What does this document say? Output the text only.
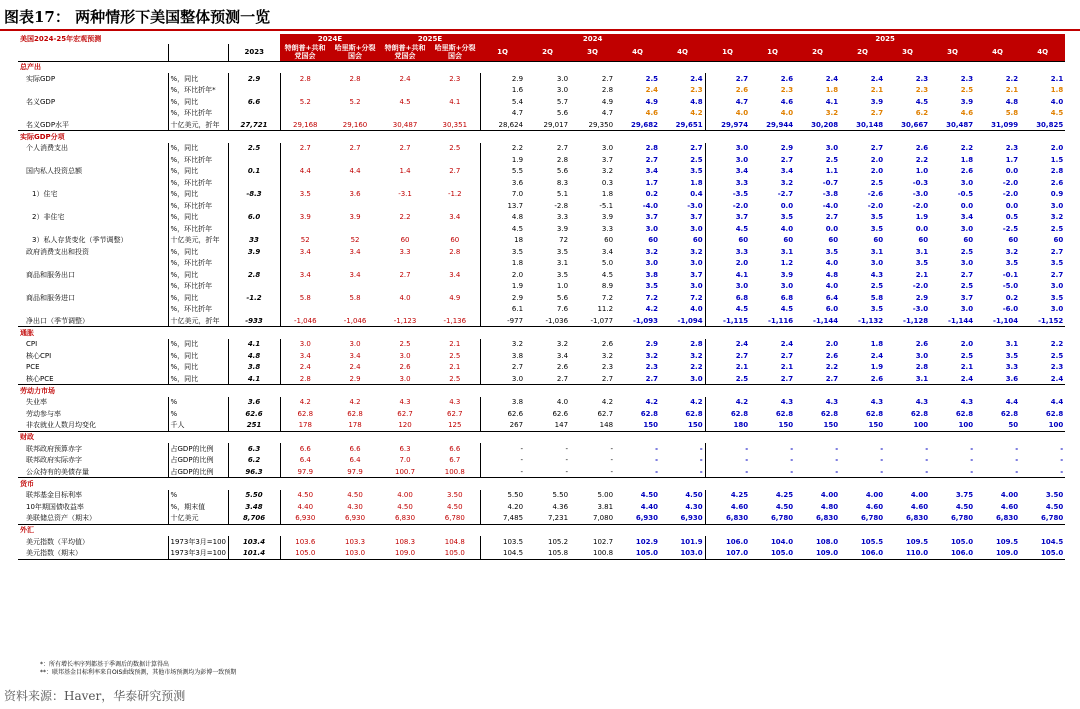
图表17： 两种情形下美国整体预测一览
美国2024-25年宏观预测			2024E		2025E		2024					2025							
		2023	特朗普+共和党国会	哈里斯+分裂国会	特朗普+共和党国会	哈里斯+分裂国会	1Q	2Q	3Q	4Q	4Q	1Q	1Q	2Q	2Q	3Q	3Q	4Q	4Q
总产出																			
实际GDP	%，同比	2.9	2.8	2.8	2.4	2.3	2.9	3.0	2.7	2.5	2.4	2.7	2.6	2.4	2.4	2.3	2.3	2.2	2.1
	%，环比折年*						1.6	3.0	2.8	2.4	2.3	2.6	2.3	1.8	2.1	2.3	2.5	2.1	1.8
名义GDP	%，同比	6.6	5.2	5.2	4.5	4.1	5.4	5.7	4.9	4.9	4.8	4.7	4.6	4.1	3.9	4.5	3.9	4.8	4.0
	%，环比折年						4.7	5.6	4.7	4.6	4.2	4.0	4.0	3.2	2.7	6.2	4.6	5.8	4.5
名义GDP水平	十亿美元，折年	27,721	29,168	29,160	30,487	30,351	28,624	29,017	29,350	29,682	29,651	29,974	29,944	30,208	30,148	30,667	30,487	31,099	30,825
实际GDP分项																			
个人消费支出	%，同比	2.5	2.7	2.7	2.7	2.5	2.2	2.7	3.0	2.8	2.7	3.0	2.9	3.0	2.7	2.6	2.2	2.3	2.0
	%，环比折年						1.9	2.8	3.7	2.7	2.5	3.0	2.7	2.5	2.0	2.2	1.8	1.7	1.5
国内私人投资总额	%，同比	0.1	4.4	4.4	1.4	2.7	5.5	5.6	3.2	3.4	3.5	3.4	3.4	1.1	2.0	1.0	2.6	0.0	2.8
	%，环比折年						3.6	8.3	0.3	1.7	1.8	3.3	3.2	-0.7	2.5	-0.3	3.0	-2.0	2.6
1）住宅	%，同比	-8.3	3.5	3.6	-3.1	-1.2	7.0	5.1	1.8	0.2	0.4	-3.5	-2.7	-3.8	-2.6	-3.0	-0.5	-2.0	0.9
	%，环比折年						13.7	-2.8	-5.1	-4.0	-3.0	-2.0	0.0	-4.0	-2.0	-2.0	0.0	0.0	3.0
2）非住宅	%，同比	6.0	3.9	3.9	2.2	3.4	4.8	3.3	3.9	3.7	3.7	3.7	3.5	2.7	3.5	1.9	3.4	0.5	3.2
	%，环比折年						4.5	3.9	3.3	3.0	3.0	4.5	4.0	0.0	3.5	0.0	3.0	-2.5	2.5
3）私人存货变化（季节调整）	十亿美元，折年	33	52	52	60	60	18	72	60	60	60	60	60	60	60	60	60	60	60
政府消费支出和投资	%，同比	3.9	3.4	3.4	3.3	2.8	3.5	3.5	3.4	3.2	3.2	3.3	3.1	3.5	3.1	3.1	2.5	3.2	2.7
	%，环比折年						1.8	3.1	5.0	3.0	3.0	2.0	1.2	4.0	3.0	3.5	3.0	3.5	3.5
商品和服务出口	%，同比	2.8	3.4	3.4	2.7	3.4	2.0	3.5	4.5	3.8	3.7	4.1	3.9	4.8	4.3	2.1	2.7	-0.1	2.7
	%，环比折年						1.9	1.0	8.9	3.5	3.0	3.0	3.0	4.0	2.5	-2.0	2.5	-5.0	3.0
商品和服务进口	%，同比	-1.2	5.8	5.8	4.0	4.9	2.9	5.6	7.2	7.2	7.2	6.8	6.8	6.4	5.8	2.9	3.7	0.2	3.5
	%，环比折年						6.1	7.6	11.2	4.2	4.0	4.5	4.5	6.0	3.5	-3.0	3.0	-6.0	3.0
净出口（季节调整）	十亿美元，折年	-933	-1,046	-1,046	-1,123	-1,136	-977	-1,036	-1,077	-1,093	-1,094	-1,115	-1,116	-1,144	-1,132	-1,128	-1,144	-1,104	-1,152
通胀																			
CPI	%，同比	4.1	3.0	3.0	2.5	2.1	3.2	3.2	2.6	2.9	2.8	2.4	2.4	2.0	1.8	2.6	2.0	3.1	2.2
核心CPI	%，同比	4.8	3.4	3.4	3.0	2.5	3.8	3.4	3.2	3.2	3.2	2.7	2.7	2.6	2.4	3.0	2.5	3.5	2.5
PCE	%，同比	3.8	2.4	2.4	2.6	2.1	2.7	2.6	2.3	2.3	2.2	2.1	2.1	2.2	1.9	2.8	2.1	3.3	2.3
核心PCE	%，同比	4.1	2.8	2.9	3.0	2.5	3.0	2.7	2.7	2.7	3.0	2.5	2.7	2.7	2.6	3.1	2.4	3.6	2.4
劳动力市场																			
失业率	%	3.6	4.2	4.2	4.3	4.3	3.8	4.0	4.2	4.2	4.2	4.2	4.3	4.3	4.3	4.3	4.3	4.4	4.4
劳动参与率	%	62.6	62.8	62.8	62.7	62.7	62.6	62.6	62.7	62.8	62.8	62.8	62.8	62.8	62.8	62.8	62.8	62.8	62.8
非农就业人数月均变化	千人	251	178	178	120	125	267	147	148	150	150	180	150	150	150	100	100	50	100
财政																			
联邦政府预算赤字	占GDP的比例	6.3	6.6	6.6	6.3	6.6	-	-	-	-	-	-	-	-	-	-	-	-	-
联邦政府实际赤字	占GDP的比例	6.2	6.4	6.4	7.0	6.7	-	-	-	-	-	-	-	-	-	-	-	-	-
公众持有的美债存量	占GDP的比例	96.3	97.9	97.9	100.7	100.8	-	-	-	-	-	-	-	-	-	-	-	-	-
货币																			
联邦基金目标利率	%	5.50	4.50	4.50	4.00	3.50	5.50	5.50	5.00	4.50	4.50	4.25	4.25	4.00	4.00	4.00	3.75	4.00	3.50
10年期国债收益率	%，期末值	3.48	4.40	4.30	4.50	4.50	4.20	4.36	3.81	4.40	4.30	4.60	4.50	4.80	4.60	4.60	4.50	4.60	4.50
美联储总资产（期末）	十亿美元	8,706	6,930	6,930	6,830	6,780	7,485	7,231	7,080	6,930	6,930	6,830	6,780	6,830	6,780	6,830	6,780	6,830	6,780
外汇																			
美元指数（平均值）	1973年3月=100	103.4	103.6	103.3	108.3	104.8	103.5	105.2	102.7	102.9	101.9	106.0	104.0	108.0	105.5	109.5	105.0	109.5	104.5
美元指数（期末）	1973年3月=100	101.4	105.0	103.0	109.0	105.0	104.5	105.8	100.8	105.0	103.0	107.0	105.0	109.0	106.0	110.0	106.0	109.0	105.0
*：所有增长率序列都基于季调后的数据计算得出
**：联邦基金目标利率来自OIS曲线预测，其他市场预测均为彭博一致预期
资料来源：Haver，华泰研究预测
